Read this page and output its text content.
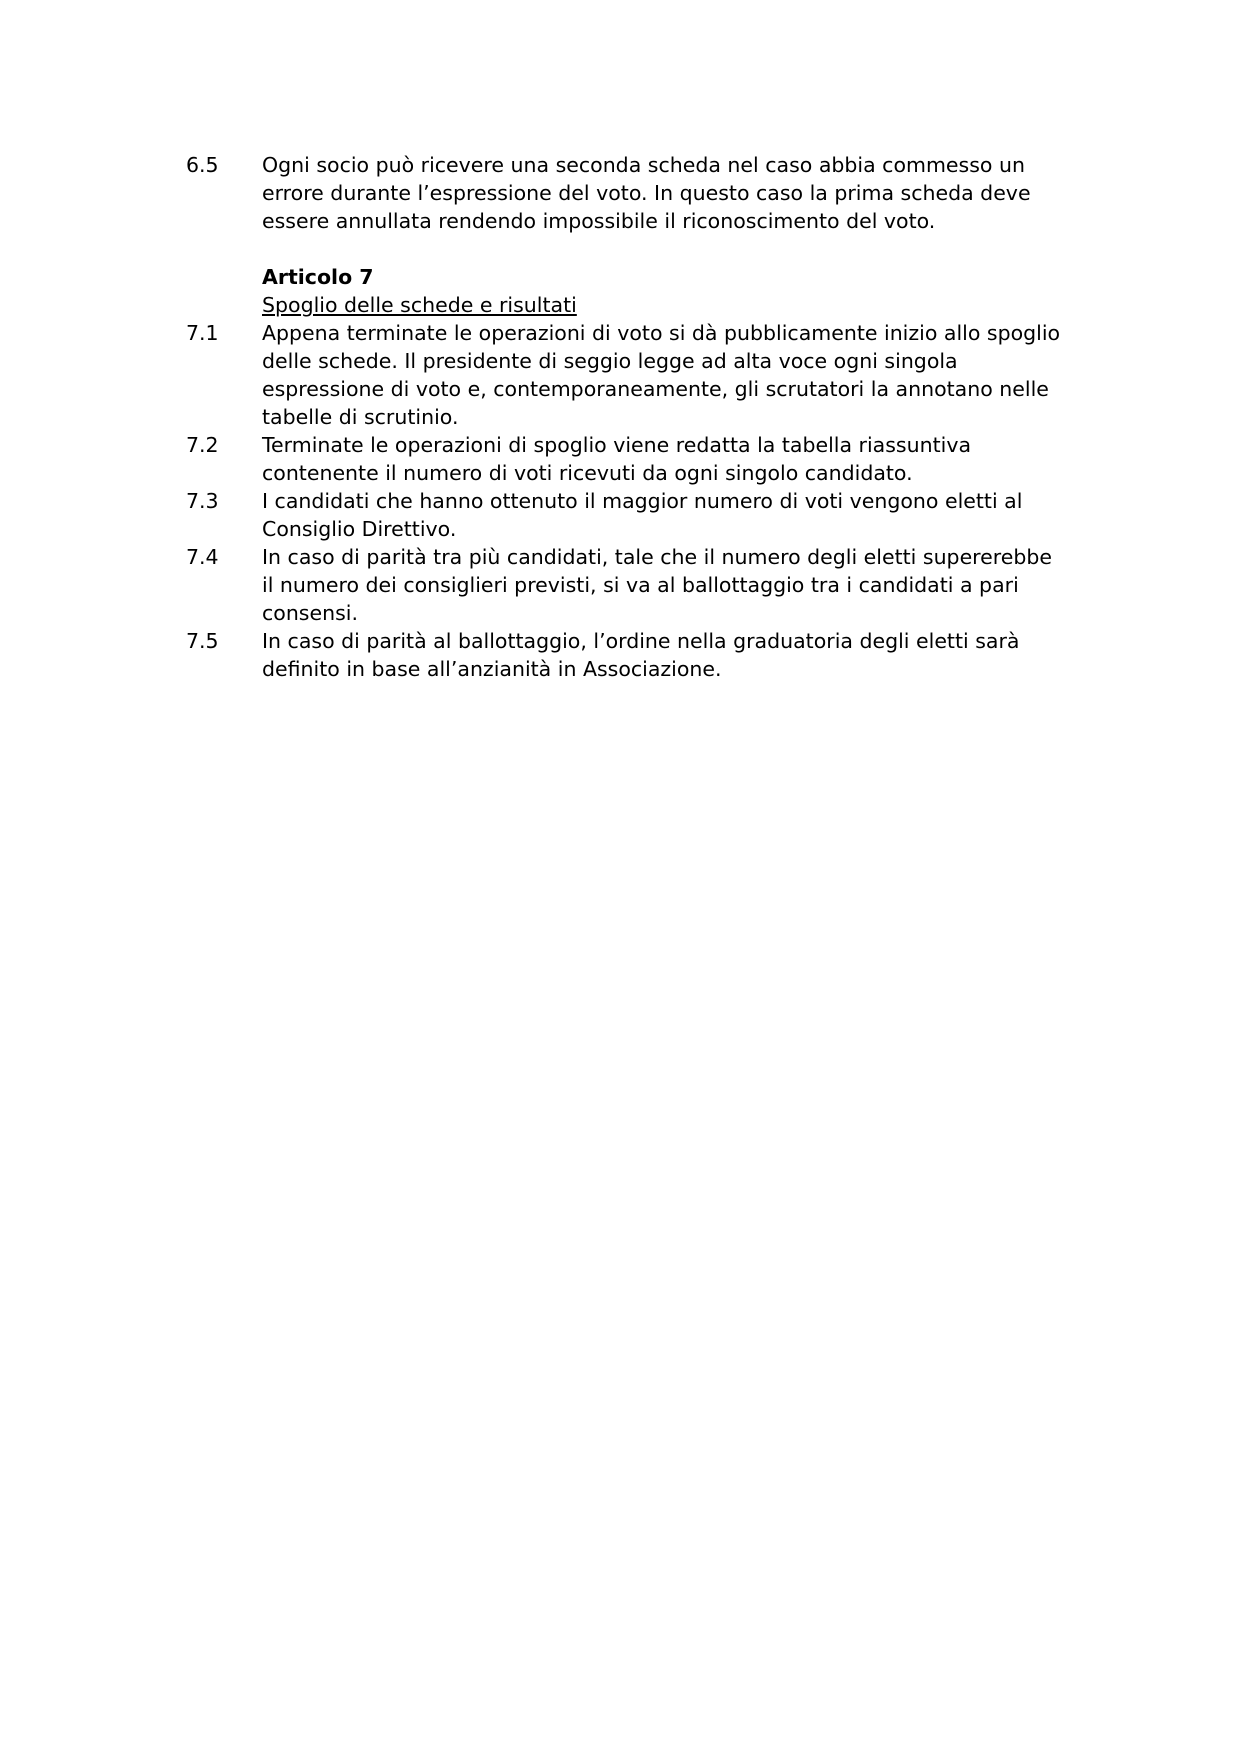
6.5	Ogni socio può ricevere una seconda scheda nel caso abbia commesso un
errore durante l’espressione del voto. In questo caso la prima scheda deve
essere annullata rendendo impossibile il riconoscimento del voto.
Articolo 7
Spoglio delle schede e risultati
7.1	Appena terminate le operazioni di voto si dà pubblicamente inizio allo spoglio
delle schede. Il presidente di seggio legge ad alta voce ogni singola
espressione di voto e, contemporaneamente, gli scrutatori la annotano nelle
tabelle di scrutinio.
7.2	Terminate le operazioni di spoglio viene redatta la tabella riassuntiva
contenente il numero di voti ricevuti da ogni singolo candidato.
7.3	I candidati che hanno ottenuto il maggior numero di voti vengono eletti al
Consiglio Direttivo.
7.4	In caso di parità tra più candidati, tale che il numero degli eletti supererebbe
il numero dei consiglieri previsti, si va al ballottaggio tra i candidati a pari
consensi.
7.5	In caso di parità al ballottaggio, l’ordine nella graduatoria degli eletti sarà
definito in base all’anzianità in Associazione.
